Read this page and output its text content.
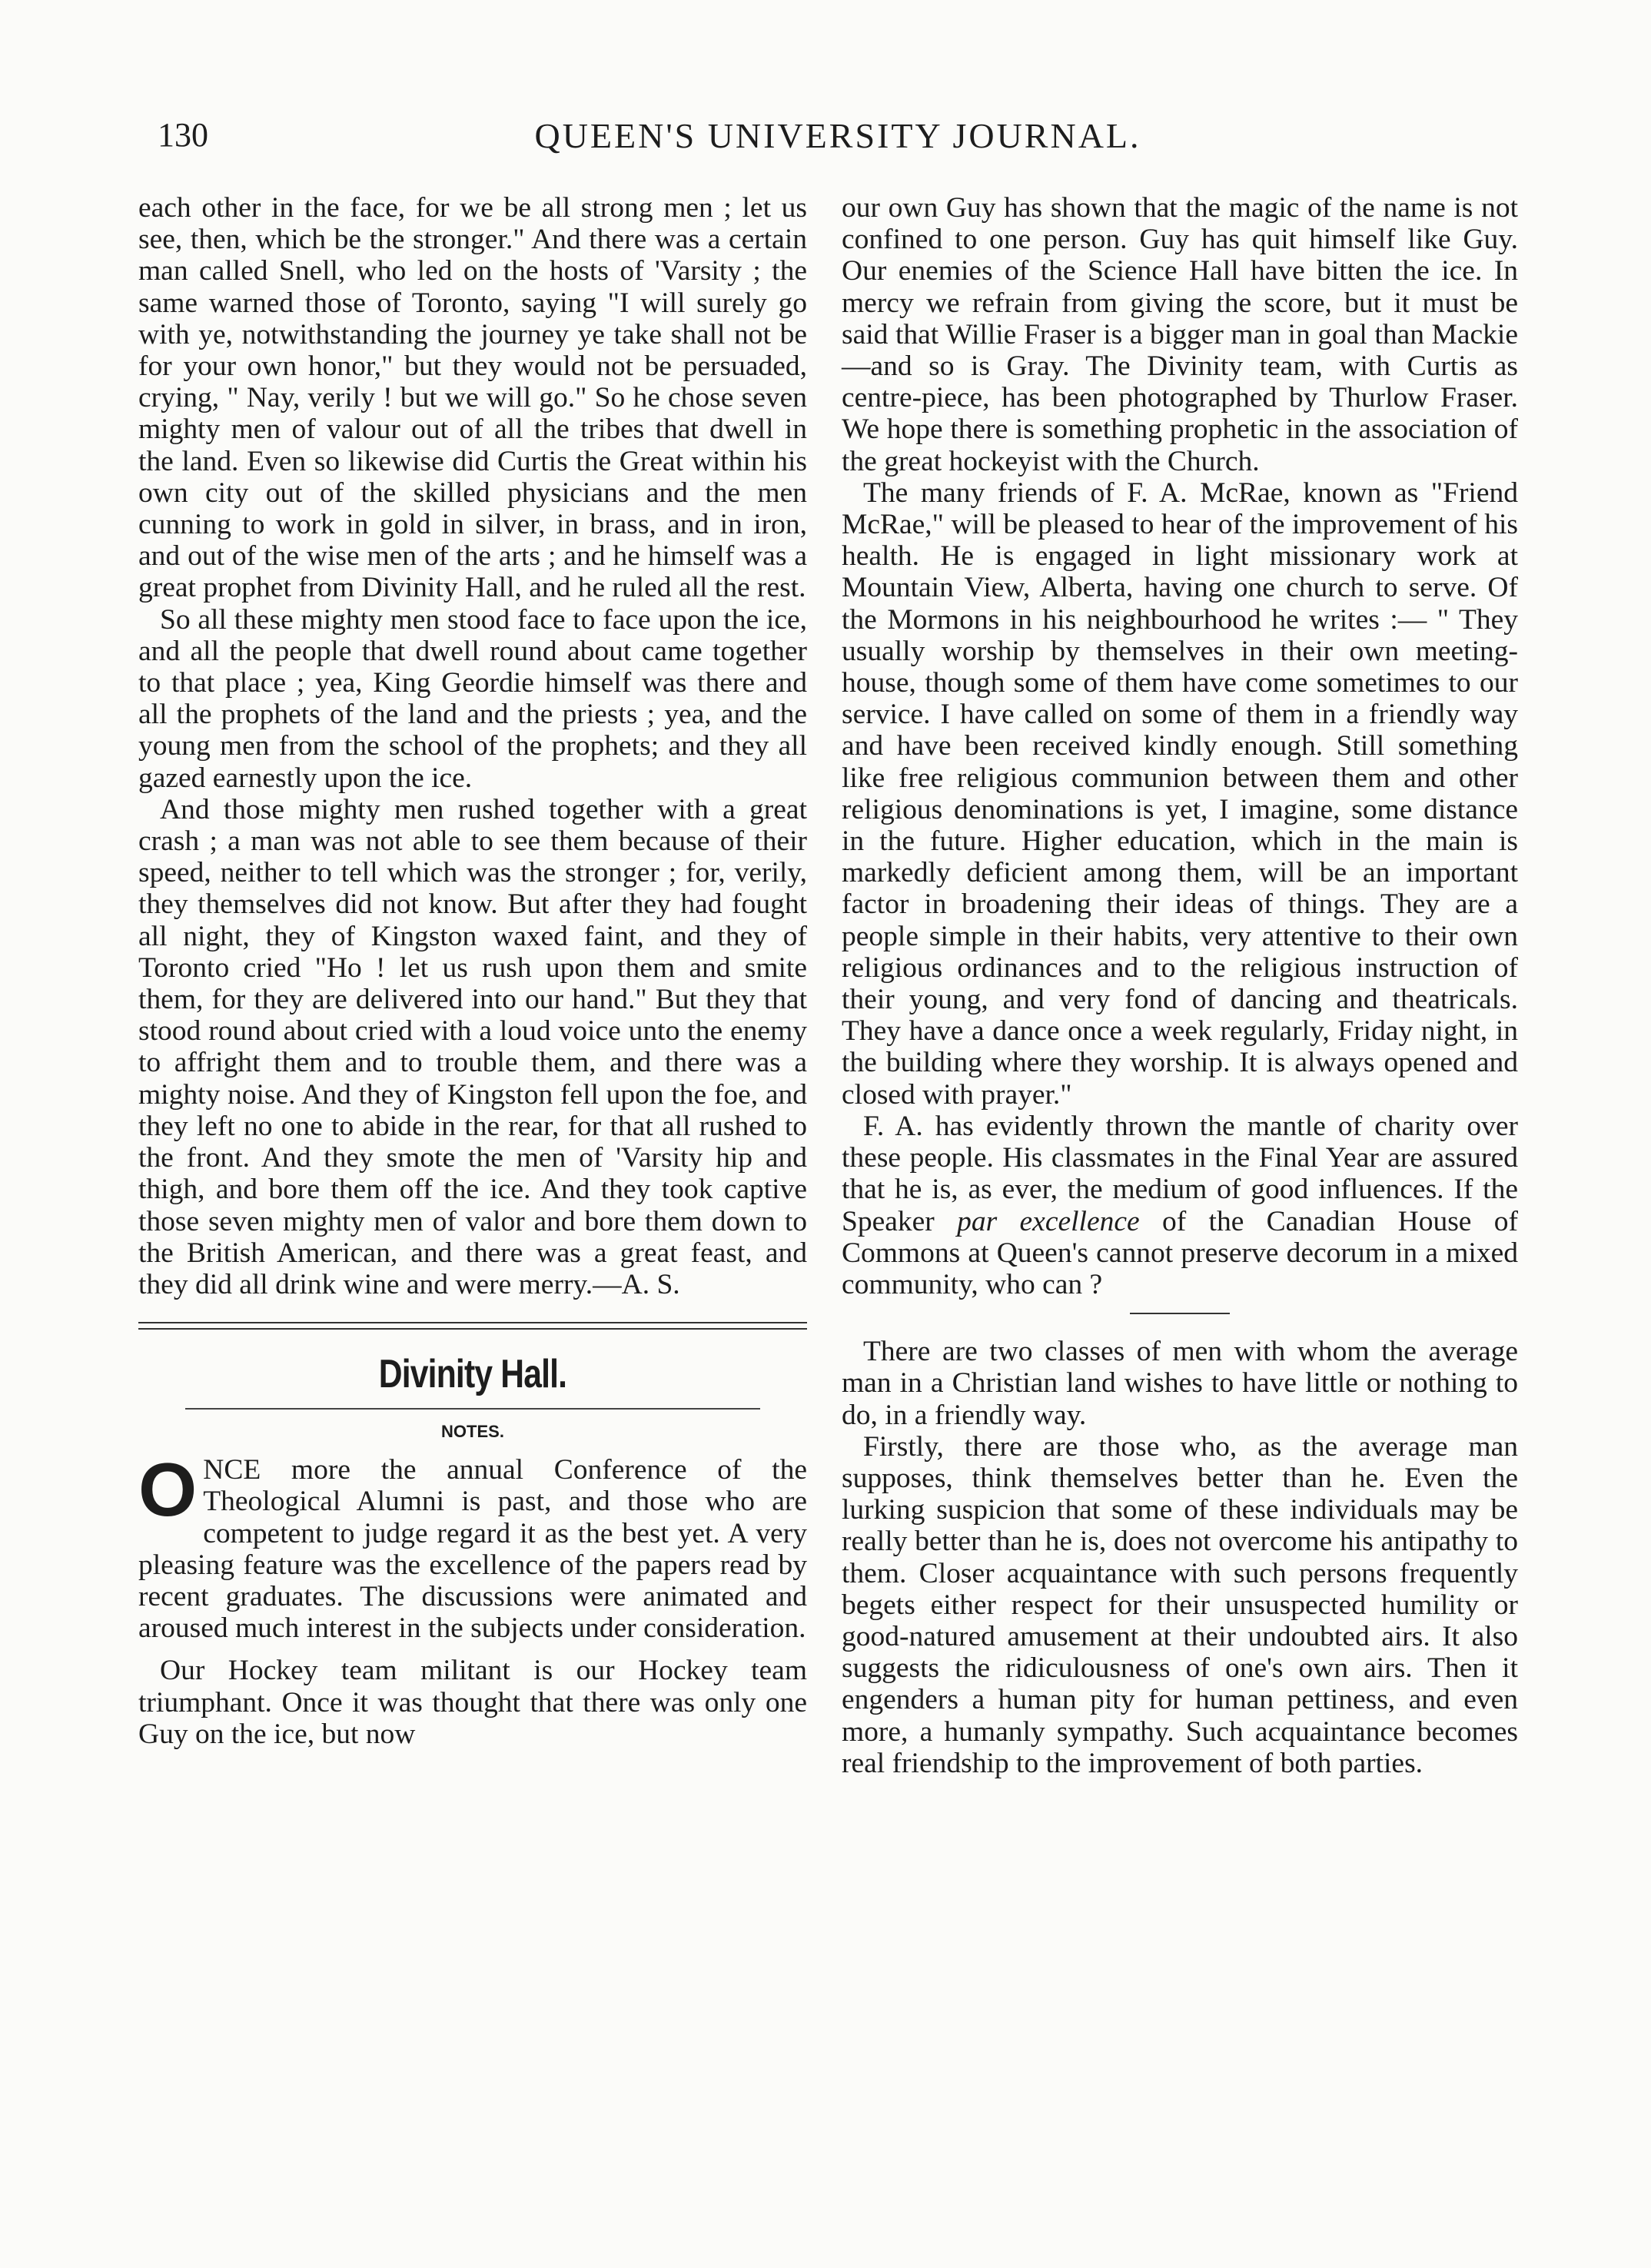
130	QUEEN'S UNIVERSITY JOURNAL.

each other in the face, for we be all strong men ; let us see, then, which be the stronger." And there was a certain man called Snell, who led on the hosts of 'Varsity ; the same warned those of Toronto, saying "I will surely go with ye, notwithstanding the journey ye take shall not be for your own honor," but they would not be persuaded, crying, " Nay, verily ! but we will go." So he chose seven mighty men of valour out of all the tribes that dwell in the land. Even so likewise did Curtis the Great within his own city out of the skilled physicians and the men cunning to work in gold in silver, in brass, and in iron, and out of the wise men of the arts ; and he himself was a great prophet from Divinity Hall, and he ruled all the rest.

So all these mighty men stood face to face upon the ice, and all the people that dwell round about came together to that place ; yea, King Geordie himself was there and all the prophets of the land and the priests ; yea, and the young men from the school of the prophets; and they all gazed earnestly upon the ice.

And those mighty men rushed together with a great crash ; a man was not able to see them because of their speed, neither to tell which was the stronger ; for, verily, they themselves did not know. But after they had fought all night, they of Kingston waxed faint, and they of Toronto cried "Ho ! let us rush upon them and smite them, for they are delivered into our hand." But they that stood round about cried with a loud voice unto the enemy to affright them and to trouble them, and there was a mighty noise. And they of Kingston fell upon the foe, and they left no one to abide in the rear, for that all rushed to the front. And they smote the men of 'Varsity hip and thigh, and bore them off the ice. And they took captive those seven mighty men of valor and bore them down to the British American, and there was a great feast, and they did all drink wine and were merry.—A. S.

Divinity Hall.
NOTES.

ONCE more the annual Conference of the Theological Alumni is past, and those who are competent to judge regard it as the best yet. A very pleasing feature was the excellence of the papers read by recent graduates. The discussions were animated and aroused much interest in the subjects under consideration.

Our Hockey team militant is our Hockey team triumphant. Once it was thought that there was only one Guy on the ice, but now

our own Guy has shown that the magic of the name is not confined to one person. Guy has quit himself like Guy. Our enemies of the Science Hall have bitten the ice. In mercy we refrain from giving the score, but it must be said that Willie Fraser is a bigger man in goal than Mackie —and so is Gray. The Divinity team, with Curtis as centre-piece, has been photographed by Thurlow Fraser. We hope there is something prophetic in the association of the great hockeyist with the Church.

The many friends of F. A. McRae, known as "Friend McRae," will be pleased to hear of the improvement of his health. He is engaged in light missionary work at Mountain View, Alberta, having one church to serve. Of the Mormons in his neighbourhood he writes :— " They usually worship by themselves in their own meeting-house, though some of them have come sometimes to our service. I have called on some of them in a friendly way and have been received kindly enough. Still something like free religious communion between them and other religious denominations is yet, I imagine, some distance in the future. Higher education, which in the main is markedly deficient among them, will be an important factor in broadening their ideas of things. They are a people simple in their habits, very attentive to their own religious ordinances and to the religious instruction of their young, and very fond of dancing and theatricals. They have a dance once a week regularly, Friday night, in the building where they worship. It is always opened and closed with prayer."

F. A. has evidently thrown the mantle of charity over these people. His classmates in the Final Year are assured that he is, as ever, the medium of good influences. If the Speaker par excellence of the Canadian House of Commons at Queen's cannot preserve decorum in a mixed community, who can ?

There are two classes of men with whom the average man in a Christian land wishes to have little or nothing to do, in a friendly way.

Firstly, there are those who, as the average man supposes, think themselves better than he. Even the lurking suspicion that some of these individuals may be really better than he is, does not overcome his antipathy to them. Closer acquaintance with such persons frequently begets either respect for their unsuspected humility or good-natured amusement at their undoubted airs. It also suggests the ridiculousness of one's own airs. Then it engenders a human pity for human pettiness, and even more, a humanly sympathy. Such acquaintance becomes real friendship to the improvement of both parties.
